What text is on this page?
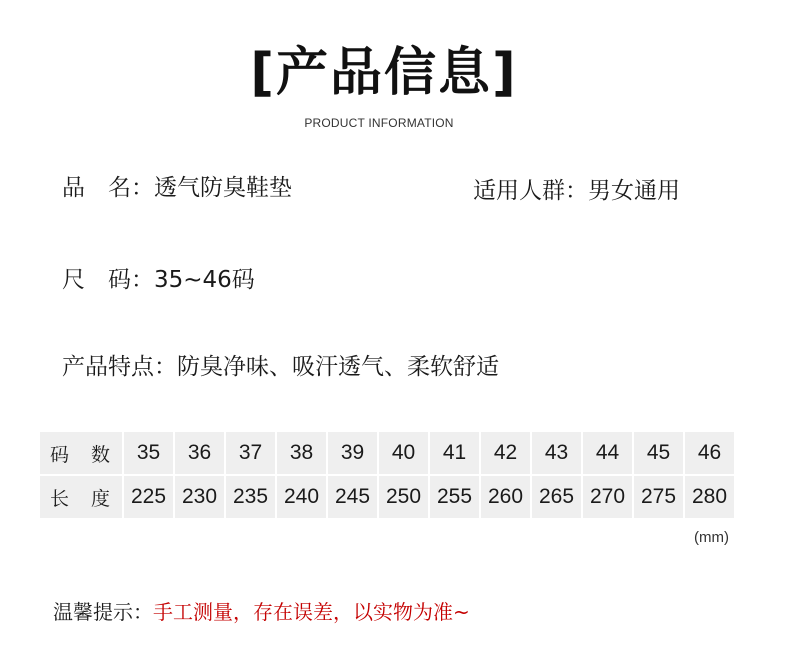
[产品信息]
PRODUCT INFORMATION
品　名：透气防臭鞋垫	适用人群：男女通用
尺　码：35~46码
产品特点：防臭净味、吸汗透气、柔软舒适
码 数	35	36	37	38	39	40	41	42	43	44	45	46
长 度	225	230	235	240	245	250	255	260	265	270	275	280
(mm)
温馨提示：手工测量，存在误差，以实物为准~
